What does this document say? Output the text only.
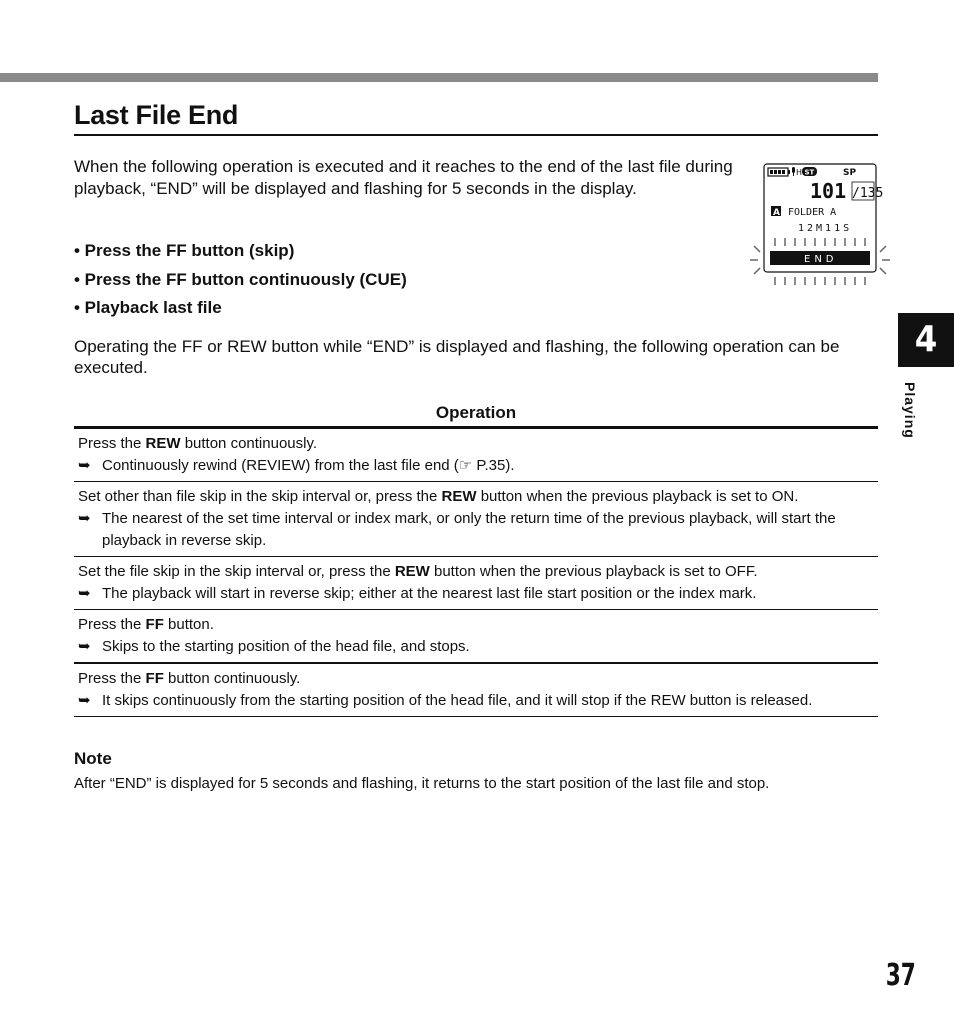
Last File End
When the following operation is executed and it reaches to the end of the last file during playback, “END” will be displayed and flashing for 5 seconds in the display.
• Press the FF button (skip)
• Press the FF button continuously (CUE)
• Playback last file
Operating the FF or REW button while “END” is displayed and flashing, the following operation can be executed.
H ST	SP
101 /135
A FOLDER A
12M11S
END
4
Playing
Operation
Press the REW button continuously.
➥ Continuously rewind (REVIEW) from the last file end (☞ P.35).
Set other than file skip in the skip interval or, press the REW button when the previous playback is set to ON.
➥ The nearest of the set time interval or index mark, or only the return time of the previous playback, will start the playback in reverse skip.
Set the file skip in the skip interval or, press the REW button when the previous playback is set to OFF.
➥ The playback will start in reverse skip; either at the nearest last file start position or the index mark.
Press the FF button.
➥ Skips to the starting position of the head file, and stops.
Press the FF button continuously.
➥ It skips continuously from the starting position of the head file, and it will stop if the REW button is released.
Note
After “END” is displayed for 5 seconds and flashing, it returns to the start position of the last file and stop.
37
